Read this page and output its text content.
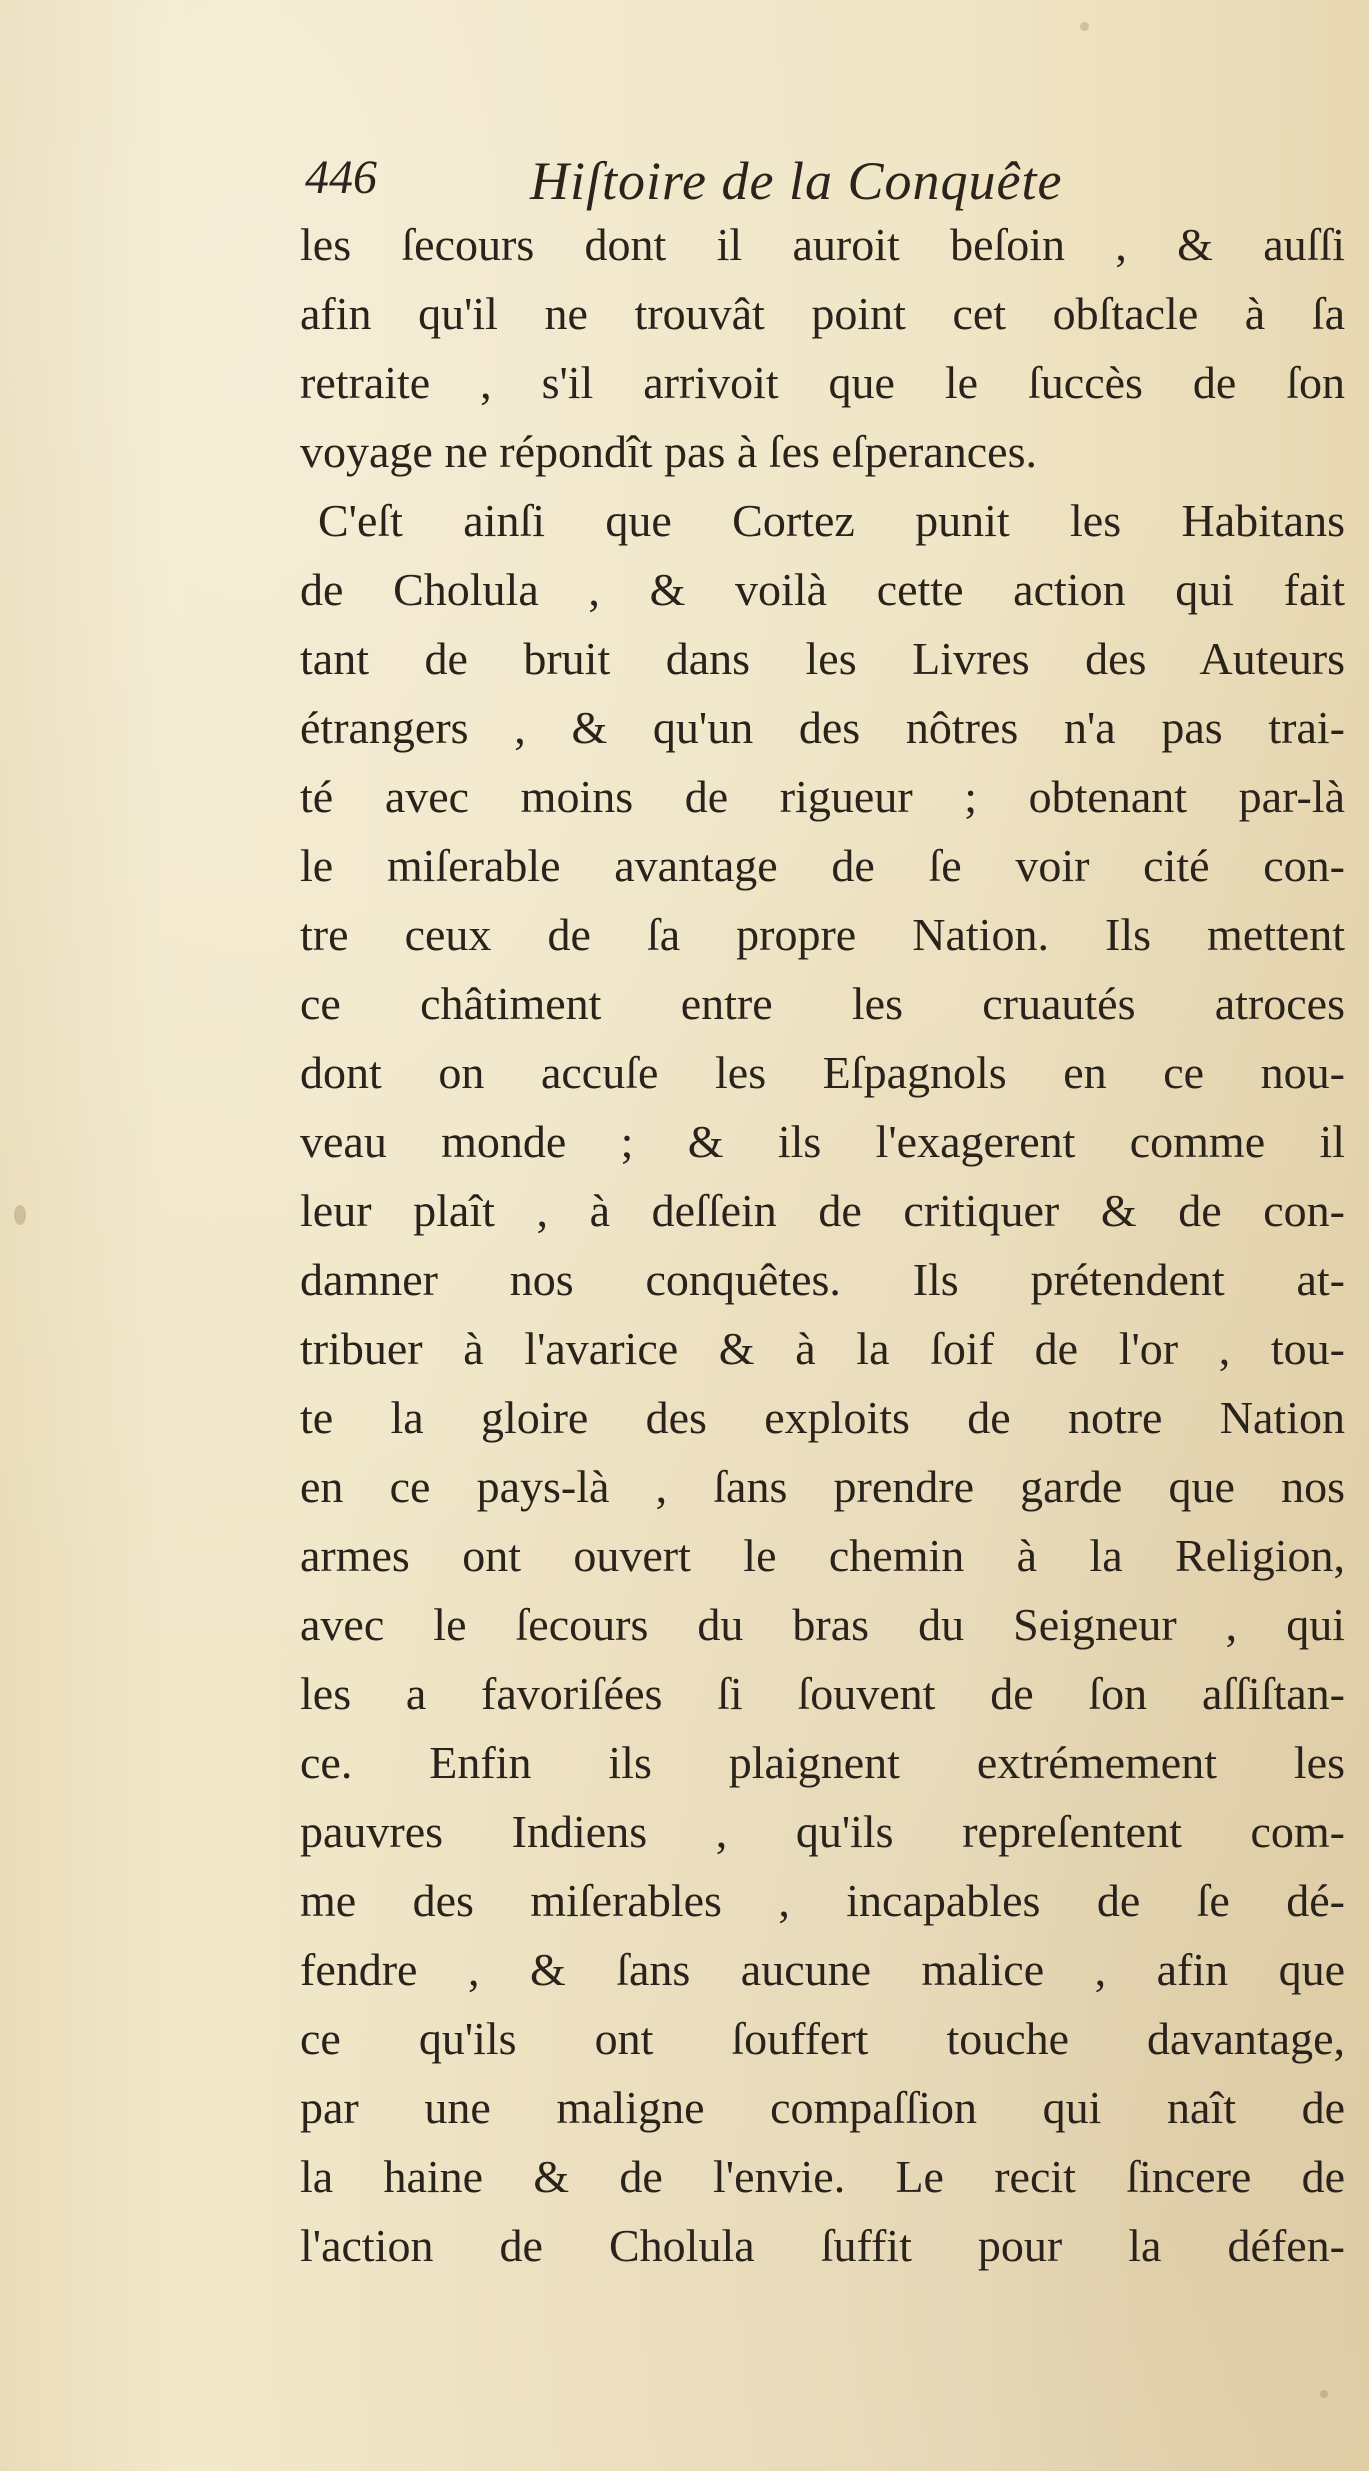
446	Hiſtoire de la Conquête
les ſecours dont il auroit beſoin , & auſſi
afin qu'il ne trouvât point cet obſtacle à ſa
retraite , s'il arrivoit que le ſuccès de ſon
voyage ne répondît pas à ſes eſperances.
C'eſt ainſi que Cortez punit les Habitans
de Cholula , & voilà cette action qui fait
tant de bruit dans les Livres des Auteurs
étrangers , & qu'un des nôtres n'a pas trai-
té avec moins de rigueur ; obtenant par-là
le miſerable avantage de ſe voir cité con-
tre ceux de ſa propre Nation. Ils mettent
ce châtiment entre les cruautés atroces
dont on accuſe les Eſpagnols en ce nou-
veau monde ; & ils l'exagerent comme il
leur plaît , à deſſein de critiquer & de con-
damner nos conquêtes. Ils prétendent at-
tribuer à l'avarice & à la ſoif de l'or , tou-
te la gloire des exploits de notre Nation
en ce pays-là , ſans prendre garde que nos
armes ont ouvert le chemin à la Religion,
avec le ſecours du bras du Seigneur , qui
les a favoriſées ſi ſouvent de ſon aſſiſtan-
ce. Enfin ils plaignent extrémement les
pauvres Indiens , qu'ils repreſentent com-
me des miſerables , incapables de ſe dé-
fendre , & ſans aucune malice , afin que
ce qu'ils ont ſouffert touche davantage,
par une maligne compaſſion qui naît de
la haine & de l'envie. Le recit ſincere de
l'action de Cholula ſuffit pour la défen-
